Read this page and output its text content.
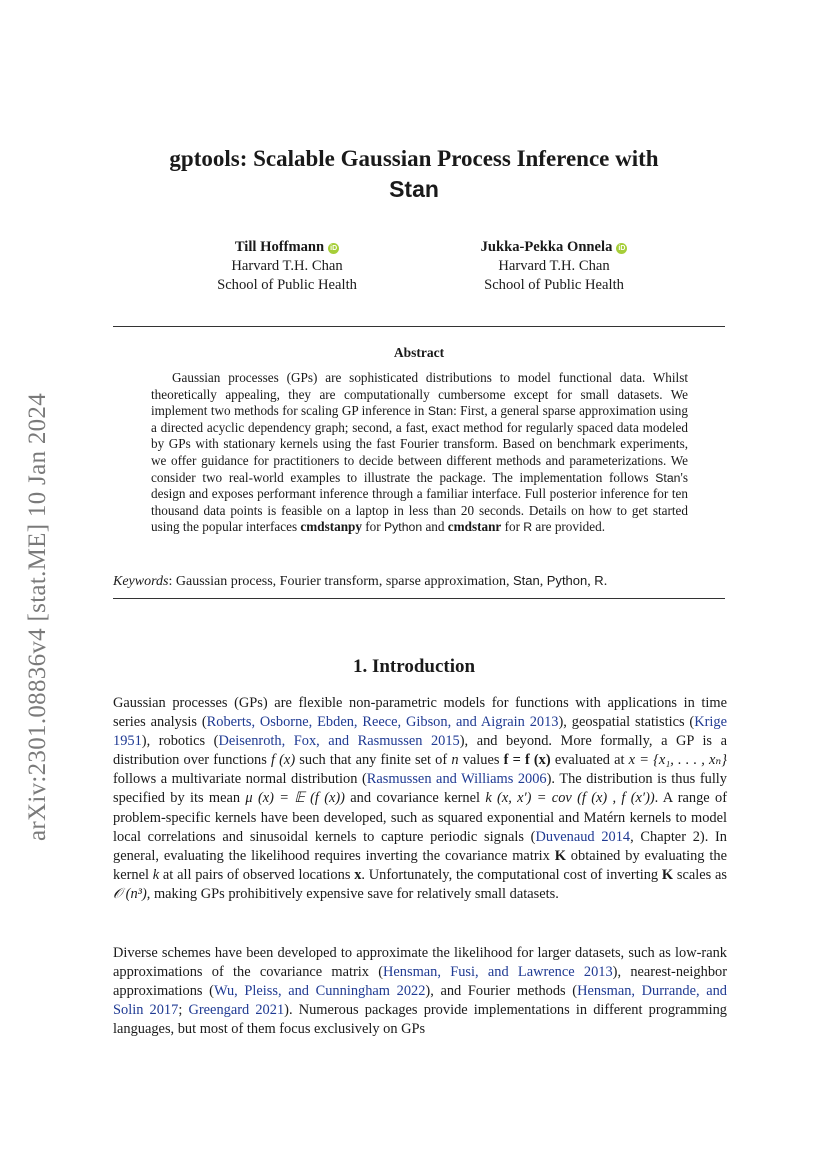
arXiv:2301.08836v4 [stat.ME] 10 Jan 2024
gptools: Scalable Gaussian Process Inference with
Stan
Till Hoffmann iD
Harvard T.H. Chan
School of Public Health
Jukka-Pekka Onnela iD
Harvard T.H. Chan
School of Public Health
Abstract
Gaussian processes (GPs) are sophisticated distributions to model functional data. Whilst theoretically appealing, they are computationally cumbersome except for small datasets. We implement two methods for scaling GP inference in Stan: First, a general sparse approximation using a directed acyclic dependency graph; second, a fast, exact method for regularly spaced data modeled by GPs with stationary kernels using the fast Fourier transform. Based on benchmark experiments, we offer guidance for practitioners to decide between different methods and parameterizations. We consider two real-world examples to illustrate the package. The implementation follows Stan's design and exposes performant inference through a familiar interface. Full posterior inference for ten thousand data points is feasible on a laptop in less than 20 seconds. Details on how to get started using the popular interfaces cmdstanpy for Python and cmdstanr for R are provided.
Keywords: Gaussian process, Fourier transform, sparse approximation, Stan, Python, R.
1. Introduction
Gaussian processes (GPs) are flexible non-parametric models for functions with applications in time series analysis (Roberts, Osborne, Ebden, Reece, Gibson, and Aigrain 2013), geospatial statistics (Krige 1951), robotics (Deisenroth, Fox, and Rasmussen 2015), and beyond. More formally, a GP is a distribution over functions f (x) such that any finite set of n values f = f (x) evaluated at x = {x₁, . . . , xₙ} follows a multivariate normal distribution (Rasmussen and Williams 2006). The distribution is thus fully specified by its mean μ (x) = 𝔼 (f (x)) and covariance kernel k (x, x′) = cov (f (x) , f (x′)). A range of problem-specific kernels have been developed, such as squared exponential and Matérn kernels to model local correlations and sinusoidal kernels to capture periodic signals (Duvenaud 2014, Chapter 2). In general, evaluating the likelihood requires inverting the covariance matrix K obtained by evaluating the kernel k at all pairs of observed locations x. Unfortunately, the computational cost of inverting K scales as 𝒪 (n³), making GPs prohibitively expensive save for relatively small datasets.
Diverse schemes have been developed to approximate the likelihood for larger datasets, such as low-rank approximations of the covariance matrix (Hensman, Fusi, and Lawrence 2013), nearest-neighbor approximations (Wu, Pleiss, and Cunningham 2022), and Fourier methods (Hensman, Durrande, and Solin 2017; Greengard 2021). Numerous packages provide implementations in different programming languages, but most of them focus exclusively on GPs
